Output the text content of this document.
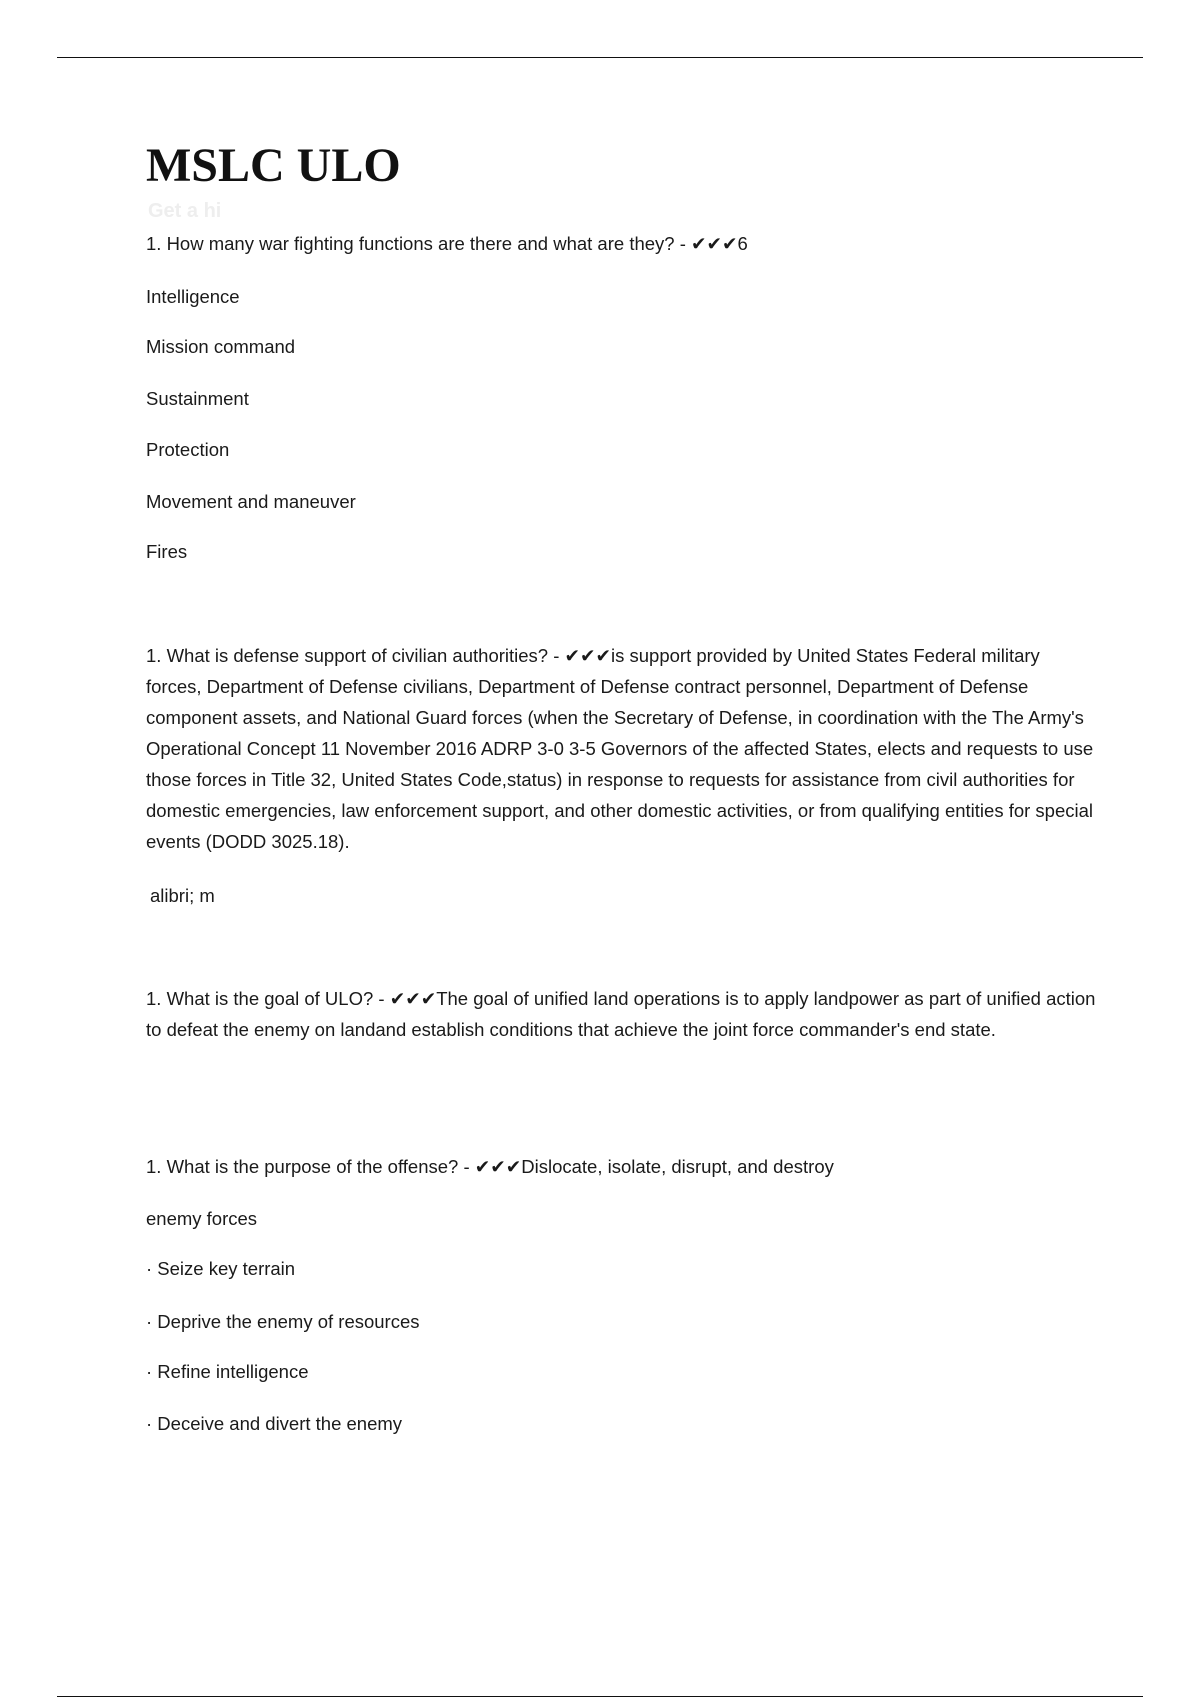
MSLC ULO
Get a hi
1. How many war fighting functions are there and what are they? - ✔✔✔6
Intelligence
Mission command
Sustainment
Protection
Movement and maneuver
Fires
1. What is defense support of civilian authorities? - ✔✔✔is support provided by United States Federal military forces, Department of Defense civilians, Department of Defense contract personnel, Department of Defense component assets, and National Guard forces (when the Secretary of Defense, in coordination with the The Army's Operational Concept 11 November 2016 ADRP 3-0 3-5 Governors of the affected States, elects and requests to use those forces in Title 32, United States Code,status) in response to requests for assistance from civil authorities for domestic emergencies, law enforcement support, and other domestic activities, or from qualifying entities for special events (DODD 3025.18).
alibri; m
1. What is the goal of ULO? - ✔✔✔The goal of unified land operations is to apply landpower as part of unified action to defeat the enemy on landand establish conditions that achieve the joint force commander's end state.
1. What is the purpose of the offense? - ✔✔✔Dislocate, isolate, disrupt, and destroy
enemy forces
· Seize key terrain
· Deprive the enemy of resources
· Refine intelligence
· Deceive and divert the enemy
